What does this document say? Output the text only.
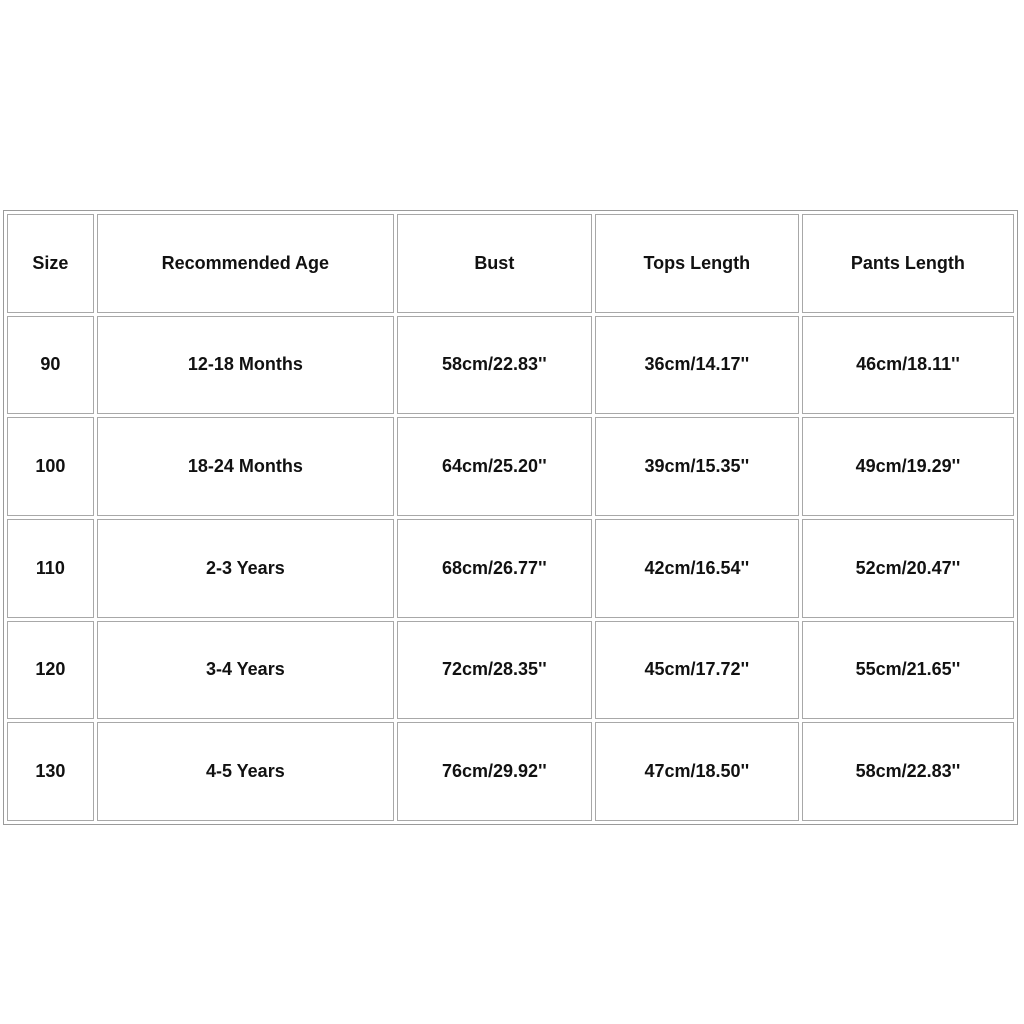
Size	Recommended Age	Bust	Tops Length	Pants Length
90	12-18 Months	58cm/22.83''	36cm/14.17''	46cm/18.11''
100	18-24 Months	64cm/25.20''	39cm/15.35''	49cm/19.29''
110	2-3 Years	68cm/26.77''	42cm/16.54''	52cm/20.47''
120	3-4 Years	72cm/28.35''	45cm/17.72''	55cm/21.65''
130	4-5 Years	76cm/29.92''	47cm/18.50''	58cm/22.83''
